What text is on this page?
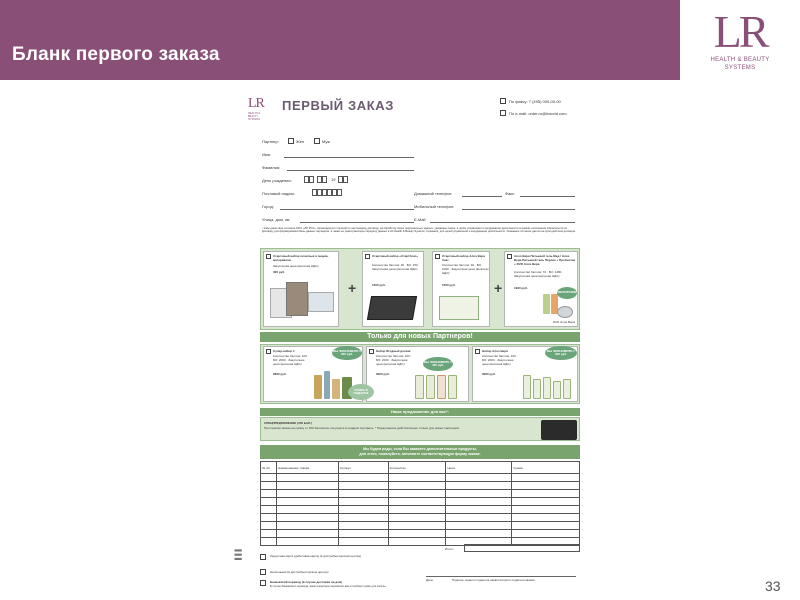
Бланк первого заказа	LR
HEALTH & BEAUTY
SYSTEMS
LR
HEALTH & BEAUTY SYSTEMS
ПЕРВЫЙ ЗАКАЗ	По факсу: 7 (495) 000-00-00
По e-mail: order.ru@lrworld.com
Партнер:	Жен	Муж
Имя:
Фамилия:
День рождения:	19
Почтовый индекс:
Город:
Улица, дом, кв:
Домашний телефон:	Факс:
Мобильный телефон:
E-Mail:
- я/мы даем свое согласие ООО «ЛР РУС», являющемуся стороной по настоящему договору, на обработку своих персональных данных, указанных выше, в целях управления и координации деятельности в рамках исполнения обязательств по Договору для формирования базы данных партнеров, а также на трансграничную передачу данных в LR Health & Beauty Systems, Германия, для целей управления и координации деятельности. Указанное согласие дается на срок действия договора.
Стартовый набор печатных и медиа-материалов
Закупочная цена (включая НДС):
300 руб.
+
Стартовый набор «Стартбокс»
Количество баллов: 30 · БО: 150 · Закупочная цена (включая НДС):
1500 руб.
Стартовый набор Алоэ Вера бокс
Количество баллов: 40 · БО: 1000 · Закупочная цена (включая НДС):
1500 руб.	+
Алоэ Вера Питьевой гель Мед / Алоэ Вера Питьевой гель Персик + Пробиотик + DVD Алоэ Вера
Количество баллов: 74 · БО: 1480 · Закупочная цена (включая НДС):
1900 руб.
ЭКСКЛЮЗИВ
DVD Алоэ Вера
Только для новых Партнеров!
Супер-набор 1
Количество баллов: 100 · БО: 2000 · Закупочная цена (включая НДС):
2800 руб.
ВЫ ЭКОНОМИТЕ 1 000 руб.
Набор Ягодный допинг
Количество баллов: 100 · БО: 2000 · Закупочная цена (включая НДС):
3000 руб.
ВЫ ЭКОНОМИТЕ 1 420 руб.
Набор Алоэ Вера
Количество баллов: 100 · БО: 2000 · Закупочная цена (включая НДС):
3000 руб.
ВЫ ЭКОНОМИТЕ 1 320 руб.
СУМКА В ПОДАРОК
Наше предложение для вас*:
СПЕЦПРЕДЛОЖЕНИЕ (150 БАЛ.)
При первом заказе на сумму от 150 баллов вы получаете в подарок портфель. * Предложение действительно только для новых партнеров.
Мы будем рады, если Вы закажете дополнительные продукты,
для этого, пожалуйста, заполните соответствующую форму заказа:
№ п/п	Наименование товара	Артикул	Количество	Цена	Сумма

Итого:
Кредитная карта (дебетовая карта) (в дистрибьюторском центре)
Наличными (в дистрибьюторском центре)
Банковский перевод (в случае доставки на дом)
В случае банковского перевода, ваши операторы перезвонят вам и сообщат сумму для оплаты.
Дата	Подпись первого подателя заявки второго подателя заявки
▌▌▌
33
